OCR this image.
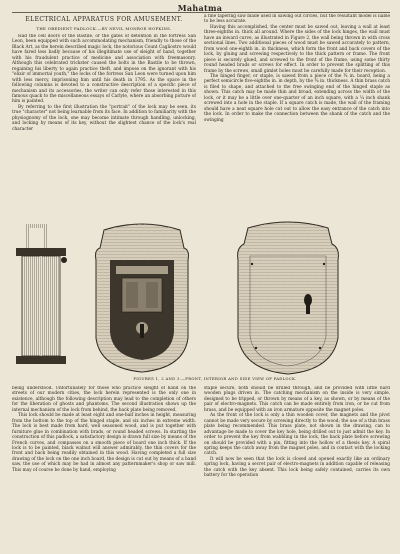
Mahatma
ELECTRICAL APPARATUS FOR AMUSEMENT.
THE OBEDIENT PADLOCK.—BY NEVIL MONROE HOPKINS.

Had the cell doors of the Bastile, or the gates of detention in the fortress San Leon, been equipped with such accommodating mechanism, friendly to those of the Black Art, as the herein described magic lock, the notorious Count Cagliostro would have fared less badly because of his illegitimate use of sleight of hand, together with his fraudulent practice of medicine and association with freemasonry. Although this celebrated trickster caused the bolts in the Bastile to be thrown, regaining his liberty to again practice theft, and impose on the ignorant with his "elixir of immortal youth," the locks of the fortress San Leon were turned upon him with less mercy, imprisoning him until his death in 1795. As the space in the following columns is devoted to a constructive description of a specific piece of mechanism and its accessories, the writer can only refer those interested in this famous quack to the miscellaneous essays of Carlyle, where an absorbing picture of him is painted.

By referring to the first illustration the "portrait" of the lock may be seen, its true "character" not being learnable from its face. In addition to familiarity with the physiognomy of the lock, one may become intimate through handling, unlocking, and locking by means of its key, without the slightest chance of the lock's real character

a fine tapering saw blade used in sawing out circles, but the resultant model is liable to be less accurate.

Having this accomplished, the center must be sawed out, leaving a wall at least three-eighths in. thick all around. Where the sides of the lock hinges, the wall must have an inward curve, as illustrated in Figure 2, the wall being thrown in with cross sectional lines. Two additional pieces of wood must be sawed accurately to pattern, from wood one-eighth in. in thickness, which form the front and back covers of the lock, by gluing and screwing respectively to the thick pattern or frame. The front piece is securely glued, and screwed to the front of the frame, using some thirty round headed brads or screws for effect. In order to prevent the splitting of this frame by the screws, small gimlet holes must be carefully made for their reception.

The hinged finger, or staple, is sawed from a piece of the ¾ in. board, being a perfect semicircle five-eighths in. in depth, by the ¾ in. thickness. A thin brass catch is filed to shape, and attached to the free swinging end of the hinged staple as shown. This catch may be made thin and broad, extending across the width of the lock, or it may be a little over one-quarter of an inch square, with a ¼ inch shank screwed into a hole in the staple. If a square catch is made, the wall of the framing should have a neat square hole cut out to allow the easy entrance of the catch into the lock. In order to make the connection between the shank of the catch and the swinging

FIGURES 1, 2 AND 3.—FRONT, INTERIOR AND SIDE VIEW OF PADLOCK.

being understood. Unfortunately for those who practice sleight of hand on the streets of our modern cities, the lock herein represented is the only one in existence, although the following description may lead to the completion of others for the liberation of ghosts and phantoms. The second illustration shows up the internal mechanism of the lock from behind, the back plate being removed.

This lock should be made at least eight and one-half inches in height, measuring from the bottom to the top of the hinged staple, and six inches in extreme width. The lock is best made from hard, well seasoned wood, and is put together with furniture glue in combination with brads, or round headed screws. In starting the construction of this padlock, a satisfactory design is drawn full size by means of the French curves, and compasses on a smooth piece of board one inch thick. If the lock is to be painted, black walnut will answer admirably, the thin covers for the front and back being readily obtained in this wood. Having completed a full size drawing of the lock on the one inch board, the design is cut out by means of a band saw, the use of which may be had in almost any patternmaker's shop or saw mill. This may of course be done by hand, employing

staple secure, both should be drilled through, and be provided with little hard wooden plugs driven in. The catching mechanism on the inside is very simple, designed to be tripped, or thrown by means of a key, as shown, or by means of the pair of electro-magnets. This catch can be made entirely from iron, or be cut from brass, and be equipped with an iron armature opposite the magnet poles.

As the front of the lock is only a thin wooden cover, the magnets and the pivot cannot be made very secure by screwing directly to the wood; the use of a thin brass plate being recommended. This brass plate, not shown in the drawing, can to advantage be made to cover the key hole, being drilled out to just admit the key. In order to prevent the key from wabbling in the lock, the back plate before screwing on should be provided with a pin, fitting into the hollow of a thesis key. A spiral spring keeps the catch away from the magnet poles, and in contact with the locking catch.

It will now be seen that the lock is closed and opened exactly like an ordinary spring lock, having a secret pair of electro-magnets in addition capable of releasing the catch with the key absent. This lock being safely contained, carries its own battery for the operation
